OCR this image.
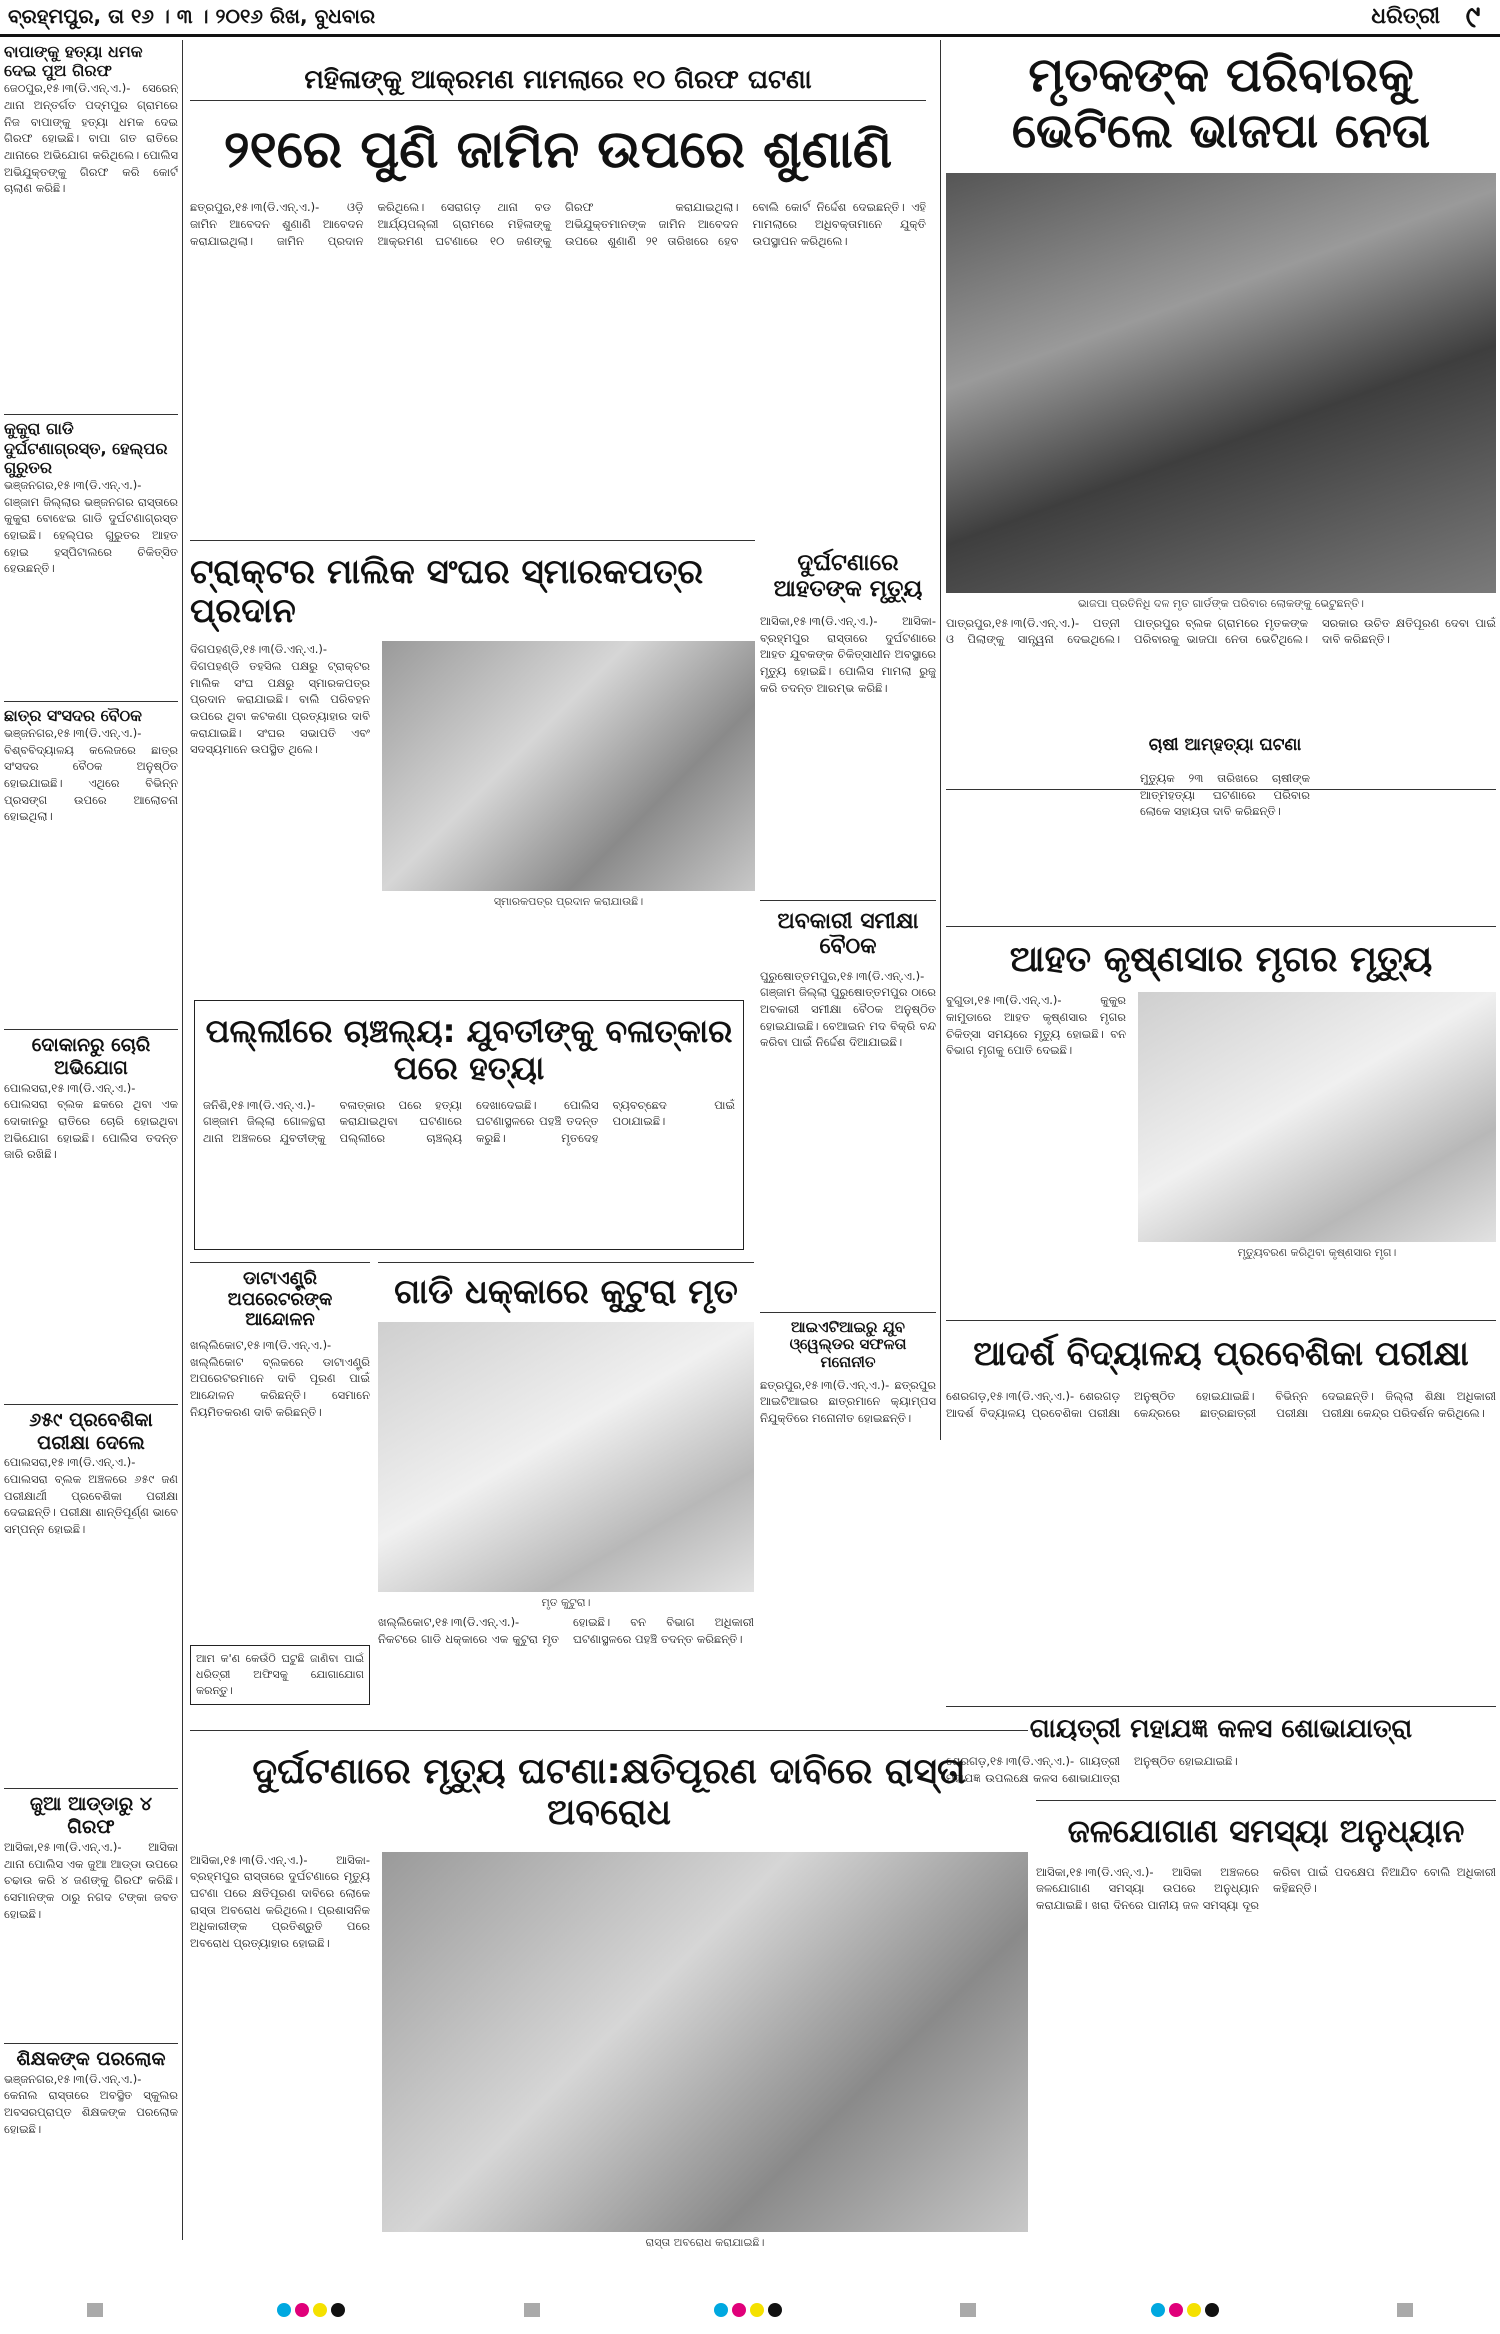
ବ୍ରହ୍ମପୁର, ତା ୧୬ । ୩ । ୨୦୧୬ ରିଖ, ବୁଧବାର	ଧରିତ୍ରୀ ୯
ବାପାଙ୍କୁ ହତ୍ୟା ଧମକ ଦେଇ ପୁଅ ଗିରଫ
ଜେଠପୁର,୧୫।୩(ଡି.ଏନ୍.ଏ.)- ସେରେନ୍ ଥାନା ଅନ୍ତର୍ଗତ ପଦ୍ମପୁର ଗ୍ରାମରେ ନିଜ ବାପାଙ୍କୁ ହତ୍ୟା ଧମକ ଦେଇ ଗିରଫ ହୋଇଛି। ବାପା ଗତ ରାତିରେ ଥାନାରେ ଅଭିଯୋଗ କରିଥିଲେ। ପୋଲିସ ଅଭିଯୁକ୍ତଙ୍କୁ ଗିରଫ କରି କୋର୍ଟ ଚାଲାଣ କରିଛି।
କୁକୁରା ଗାଡି ଦୁର୍ଘଟଣାଗ୍ରସ୍ତ, ହେଲ୍ପର ଗୁରୁତର
ଭଞ୍ଜନଗର,୧୫।୩(ଡି.ଏନ୍.ଏ.)- ଗଞ୍ଜାମ ଜିଲ୍ଲାର ଭଞ୍ଜନଗର ରାସ୍ତାରେ କୁକୁରା ବୋଝେଇ ଗାଡି ଦୁର୍ଘଟଣାଗ୍ରସ୍ତ ହୋଇଛି। ହେଲ୍ପର ଗୁରୁତର ଆହତ ହୋଇ ହସ୍ପିଟାଲରେ ଚିକିତ୍ସିତ ହେଉଛନ୍ତି।
ଛାତ୍ର ସଂସଦର ବୈଠକ
ଭଞ୍ଜନଗର,୧୫।୩(ଡି.ଏନ୍.ଏ.)- ବିଶ୍ବବିଦ୍ୟାଳୟ କଲେଜରେ ଛାତ୍ର ସଂସଦର ବୈଠକ ଅନୁଷ୍ଠିତ ହୋଇଯାଇଛି। ଏଥିରେ ବିଭିନ୍ନ ପ୍ରସଙ୍ଗ ଉପରେ ଆଲୋଚନା ହୋଇଥିଲା।
ଦୋକାନରୁ ଚୋରି ଅଭିଯୋଗ
ପୋଲସରା,୧୫।୩(ଡି.ଏନ୍.ଏ.)- ପୋଲସରା ବ୍ଲକ ଛକରେ ଥିବା ଏକ ଦୋକାନରୁ ରାତିରେ ଚୋରି ହୋଇଥିବା ଅଭିଯୋଗ ହୋଇଛି। ପୋଲିସ ତଦନ୍ତ ଜାରି ରଖିଛି।
୬୫୯ ପ୍ରବେଶିକା ପରୀକ୍ଷା ଦେଲେ
ପୋଲସରା,୧୫।୩(ଡି.ଏନ୍.ଏ.)- ପୋଲସରା ବ୍ଲକ ଅଞ୍ଚଳରେ ୬୫୯ ଜଣ ପରୀକ୍ଷାର୍ଥୀ ପ୍ରବେଶିକା ପରୀକ୍ଷା ଦେଇଛନ୍ତି। ପରୀକ୍ଷା ଶାନ୍ତିପୂର୍ଣ୍ଣ ଭାବେ ସମ୍ପନ୍ନ ହୋଇଛି।
ଜୁଆ ଆଡ୍ଡାରୁ ୪ ଗିରଫ
ଆସିକା,୧୫।୩(ଡି.ଏନ୍.ଏ.)- ଆସିକା ଥାନା ପୋଲିସ ଏକ ଜୁଆ ଆଡ୍ଡା ଉପରେ ଚଢାଉ କରି ୪ ଜଣଙ୍କୁ ଗିରଫ କରିଛି। ସେମାନଙ୍କ ଠାରୁ ନଗଦ ଟଙ୍କା ଜବତ ହୋଇଛି।
ଶିକ୍ଷକଙ୍କ ପରଲୋକ
ଭଞ୍ଜନଗର,୧୫।୩(ଡି.ଏନ୍.ଏ.)- କେନାଲ ରାସ୍ତାରେ ଅବସ୍ଥିତ ସ୍କୁଲର ଅବସରପ୍ରାପ୍ତ ଶିକ୍ଷକଙ୍କ ପରଲୋକ ହୋଇଛି।
ମହିଳାଙ୍କୁ ଆକ୍ରମଣ ମାମଲାରେ ୧୦ ଗିରଫ ଘଟଣା
୨୧ରେ ପୁଣି ଜାମିନ ଉପରେ ଶୁଣାଣି
ଛତ୍ରପୁର,୧୫।୩(ଡି.ଏନ୍.ଏ.)- ଓଡ଼ି ଜାମିନ ଆବେଦନ ଶୁଣାଣି ଆବେଦନ କରାଯାଇଥିଲା। ଜାମିନ ପ୍ରଦାନ କରିଥିଲେ। ସେରାଗଡ଼ ଥାନା ବଡ ଆର୍ଯ୍ୟପଲ୍ଲୀ ଗ୍ରାମରେ ମହିଳାଙ୍କୁ ଆକ୍ରମଣ ଘଟଣାରେ ୧୦ ଜଣଙ୍କୁ ଗିରଫ କରାଯାଇଥିଲା। ଅଭିଯୁକ୍ତମାନଙ୍କ ଜାମିନ ଆବେଦନ ଉପରେ ଶୁଣାଣି ୨୧ ତାରିଖରେ ହେବ ବୋଲି କୋର୍ଟ ନିର୍ଦ୍ଦେଶ ଦେଇଛନ୍ତି। ଏହି ମାମଲାରେ ଅଧିବକ୍ତାମାନେ ଯୁକ୍ତି ଉପସ୍ଥାପନ କରିଥିଲେ।
ମୃତକଙ୍କ ପରିବାରକୁ
ଭେଟିଲେ ଭାଜପା ନେତା
ଭାଜପା ପ୍ରତିନିଧି ଦଳ ମୃତ ଗାର୍ଡଙ୍କ ପରିବାର ଲୋକଙ୍କୁ ଭେଟୁଛନ୍ତି।
ପାତ୍ରପୁର,୧୫।୩(ଡି.ଏନ୍.ଏ.)- ପତ୍ନୀ ଓ ପିଲାଙ୍କୁ ସାନ୍ତ୍ୱନା ଦେଇଥିଲେ। ପାତ୍ରପୁର ବ୍ଲକ ଗ୍ରାମରେ ମୃତକଙ୍କ ପରିବାରକୁ ଭାଜପା ନେତା ଭେଟିଥିଲେ। ସରକାର ଉଚିତ କ୍ଷତିପୂରଣ ଦେବା ପାଇଁ ଦାବି କରିଛନ୍ତି।
ଟ୍ରାକ୍ଟର ମାଲିକ ସଂଘର ସ୍ମାରକପତ୍ର ପ୍ରଦାନ
ଦିଗପହଣ୍ଡି,୧୫।୩(ଡି.ଏନ୍.ଏ.)- ଦିଗପହଣ୍ଡି ତହସିଲ ପକ୍ଷରୁ ଟ୍ରାକ୍ଟର ମାଲିକ ସଂଘ ପକ୍ଷରୁ ସ୍ମାରକପତ୍ର ପ୍ରଦାନ କରାଯାଇଛି। ବାଲି ପରିବହନ ଉପରେ ଥିବା କଟକଣା ପ୍ରତ୍ୟାହାର ଦାବି କରାଯାଇଛି। ସଂଘର ସଭାପତି ଏବଂ ସଦସ୍ୟମାନେ ଉପସ୍ଥିତ ଥିଲେ।
ସ୍ମାରକପତ୍ର ପ୍ରଦାନ କରାଯାଉଛି।
ଦୁର୍ଘଟଣାରେ ଆହତଙ୍କ ମୃତ୍ୟୁ
ଆସିକା,୧୫।୩(ଡି.ଏନ୍.ଏ.)- ଆସିକା-ବ୍ରହ୍ମପୁର ରାସ୍ତାରେ ଦୁର୍ଘଟଣାରେ ଆହତ ଯୁବକଙ୍କ ଚିକିତ୍ସାଧୀନ ଅବସ୍ଥାରେ ମୃତ୍ୟୁ ହୋଇଛି। ପୋଲିସ ମାମଲା ରୁଜୁ କରି ତଦନ୍ତ ଆରମ୍ଭ କରିଛି।
ଅବକାରୀ ସମୀକ୍ଷା ବୈଠକ
ପୁରୁଷୋତ୍ତମପୁର,୧୫।୩(ଡି.ଏନ୍.ଏ.)- ଗଞ୍ଜାମ ଜିଲ୍ଲା ପୁରୁଷୋତ୍ତମପୁର ଠାରେ ଅବକାରୀ ସମୀକ୍ଷା ବୈଠକ ଅନୁଷ୍ଠିତ ହୋଇଯାଇଛି। ବେଆଇନ ମଦ ବିକ୍ରି ବନ୍ଦ କରିବା ପାଇଁ ନିର୍ଦ୍ଦେଶ ଦିଆଯାଇଛି।
ପଲ୍ଲୀରେ ଚାଞ୍ଚଲ୍ୟ: ଯୁବତୀଙ୍କୁ ବଳାତ୍କାର ପରେ ହତ୍ୟା
ଜନିଶି,୧୫।୩(ଡି.ଏନ୍.ଏ.)- ଗଞ୍ଜାମ ଜିଲ୍ଲା ଗୋଳନ୍ଥରା ଥାନା ଅଞ୍ଚଳରେ ଯୁବତୀଙ୍କୁ ବଳାତ୍କାର ପରେ ହତ୍ୟା କରାଯାଇଥିବା ଘଟଣାରେ ପଲ୍ଲୀରେ ଚାଞ୍ଚଲ୍ୟ ଦେଖାଦେଇଛି। ପୋଲିସ ଘଟଣାସ୍ଥଳରେ ପହଞ୍ଚି ତଦନ୍ତ କରୁଛି। ମୃତଦେହ ବ୍ୟବଚ୍ଛେଦ ପାଇଁ ପଠାଯାଇଛି।
ଡାଟାଏଣ୍ଟ୍ରି ଅପରେଟରଙ୍କ ଆନ୍ଦୋଳନ
ଖଲ୍ଲିକୋଟ,୧୫।୩(ଡି.ଏନ୍.ଏ.)- ଖଲ୍ଲିକୋଟ ବ୍ଲକରେ ଡାଟାଏଣ୍ଟ୍ରି ଅପରେଟରମାନେ ଦାବି ପୂରଣ ପାଇଁ ଆନ୍ଦୋଳନ କରିଛନ୍ତି। ସେମାନେ ନିୟମିତକରଣ ଦାବି କରିଛନ୍ତି।
ଆମ କ'ଣ କେଉଁଠି ଘଟୁଛି ଜାଣିବା ପାଇଁ ଧରିତ୍ରୀ ଅଫିସକୁ ଯୋଗାଯୋଗ କରନ୍ତୁ।
ଗାଡି ଧକ୍କାରେ କୁଟୁରା ମୃତ
ମୃତ କୁଟୁରା।
ଖଲ୍ଲିକୋଟ,୧୫।୩(ଡି.ଏନ୍.ଏ.)- ନିକଟରେ ଗାଡି ଧକ୍କାରେ ଏକ କୁଟୁରା ମୃତ ହୋଇଛି। ବନ ବିଭାଗ ଅଧିକାରୀ ଘଟଣାସ୍ଥଳରେ ପହଞ୍ଚି ତଦନ୍ତ କରିଛନ୍ତି।
ଆଇଏଟିଆଇରୁ ଯୁବ ଓ୍ୱେଲ୍ଡର ସଫଳତା ମନୋନୀତ
ଛତ୍ରପୁର,୧୫।୩(ଡି.ଏନ୍.ଏ.)- ଛତ୍ରପୁର ଆଇଟିଆଇର ଛାତ୍ରମାନେ କ୍ୟାମ୍ପସ ନିଯୁକ୍ତିରେ ମନୋନୀତ ହୋଇଛନ୍ତି।
ଚାଷୀ ଆମ୍ହତ୍ୟା ଘଟଣା
ମୁତ୍ୟୁକ ୨୩ ତାରିଖରେ ଚାଷୀଙ୍କ ଆତ୍ମହତ୍ୟା ଘଟଣାରେ ପରିବାର ଲୋକେ ସହାୟତା ଦାବି କରିଛନ୍ତି।
ଆହତ କୃଷ୍ଣସାର ମୃଗର ମୃତ୍ୟୁ
ବୁଗୁଡା,୧୫।୩(ଡି.ଏନ୍.ଏ.)- କୁକୁର କାମୁଡାରେ ଆହତ କୃଷ୍ଣସାର ମୃଗର ଚିକିତ୍ସା ସମୟରେ ମୃତ୍ୟୁ ହୋଇଛି। ବନ ବିଭାଗ ମୃଗକୁ ପୋତି ଦେଇଛି।
ମୃତ୍ୟୁବରଣ କରିଥିବା କୃଷ୍ଣସାର ମୃଗ।
ଆଦର୍ଶ ବିଦ୍ୟାଳୟ ପ୍ରବେଶିକା ପରୀକ୍ଷା
ଶେରଗଡ଼,୧୫।୩(ଡି.ଏନ୍.ଏ.)- ଶେରଗଡ଼ ଆଦର୍ଶ ବିଦ୍ୟାଳୟ ପ୍ରବେଶିକା ପରୀକ୍ଷା ଅନୁଷ୍ଠିତ ହୋଇଯାଇଛି। ବିଭିନ୍ନ କେନ୍ଦ୍ରରେ ଛାତ୍ରଛାତ୍ରୀ ପରୀକ୍ଷା ଦେଇଛନ୍ତି। ଜିଲ୍ଲା ଶିକ୍ଷା ଅଧିକାରୀ ପରୀକ୍ଷା କେନ୍ଦ୍ର ପରିଦର୍ଶନ କରିଥିଲେ।
ଗାୟତ୍ରୀ ମହାଯଜ୍ଞ କଳସ ଶୋଭାଯାତ୍ରା
ଶେରଗଡ଼,୧୫।୩(ଡି.ଏନ୍.ଏ.)- ଗାୟତ୍ରୀ ମହାଯଜ୍ଞ ଉପଲକ୍ଷେ କଳସ ଶୋଭାଯାତ୍ରା ଅନୁଷ୍ଠିତ ହୋଇଯାଇଛି।
ଦୁର୍ଘଟଣାରେ ମୃତ୍ୟୁ ଘଟଣା:କ୍ଷତିପୂରଣ ଦାବିରେ ରାସ୍ତା ଅବରୋଧ
ଆସିକା,୧୫।୩(ଡି.ଏନ୍.ଏ.)- ଆସିକା-ବ୍ରହ୍ମପୁର ରାସ୍ତାରେ ଦୁର୍ଘଟଣାରେ ମୃତ୍ୟୁ ଘଟଣା ପରେ କ୍ଷତିପୂରଣ ଦାବିରେ ଲୋକେ ରାସ୍ତା ଅବରୋଧ କରିଥିଲେ। ପ୍ରଶାସନିକ ଅଧିକାରୀଙ୍କ ପ୍ରତିଶ୍ରୁତି ପରେ ଅବରୋଧ ପ୍ରତ୍ୟାହାର ହୋଇଛି।
ରାସ୍ତା ଅବରୋଧ କରାଯାଇଛି।
ଜଳଯୋଗାଣ ସମସ୍ୟା ଅନୁଧ୍ୟାନ
ଆସିକା,୧୫।୩(ଡି.ଏନ୍.ଏ.)- ଆସିକା ଅଞ୍ଚଳରେ ଜଳଯୋଗାଣ ସମସ୍ୟା ଉପରେ ଅନୁଧ୍ୟାନ କରାଯାଇଛି। ଖରା ଦିନରେ ପାନୀୟ ଜଳ ସମସ୍ୟା ଦୂର କରିବା ପାଇଁ ପଦକ୍ଷେପ ନିଆଯିବ ବୋଲି ଅଧିକାରୀ କହିଛନ୍ତି।
